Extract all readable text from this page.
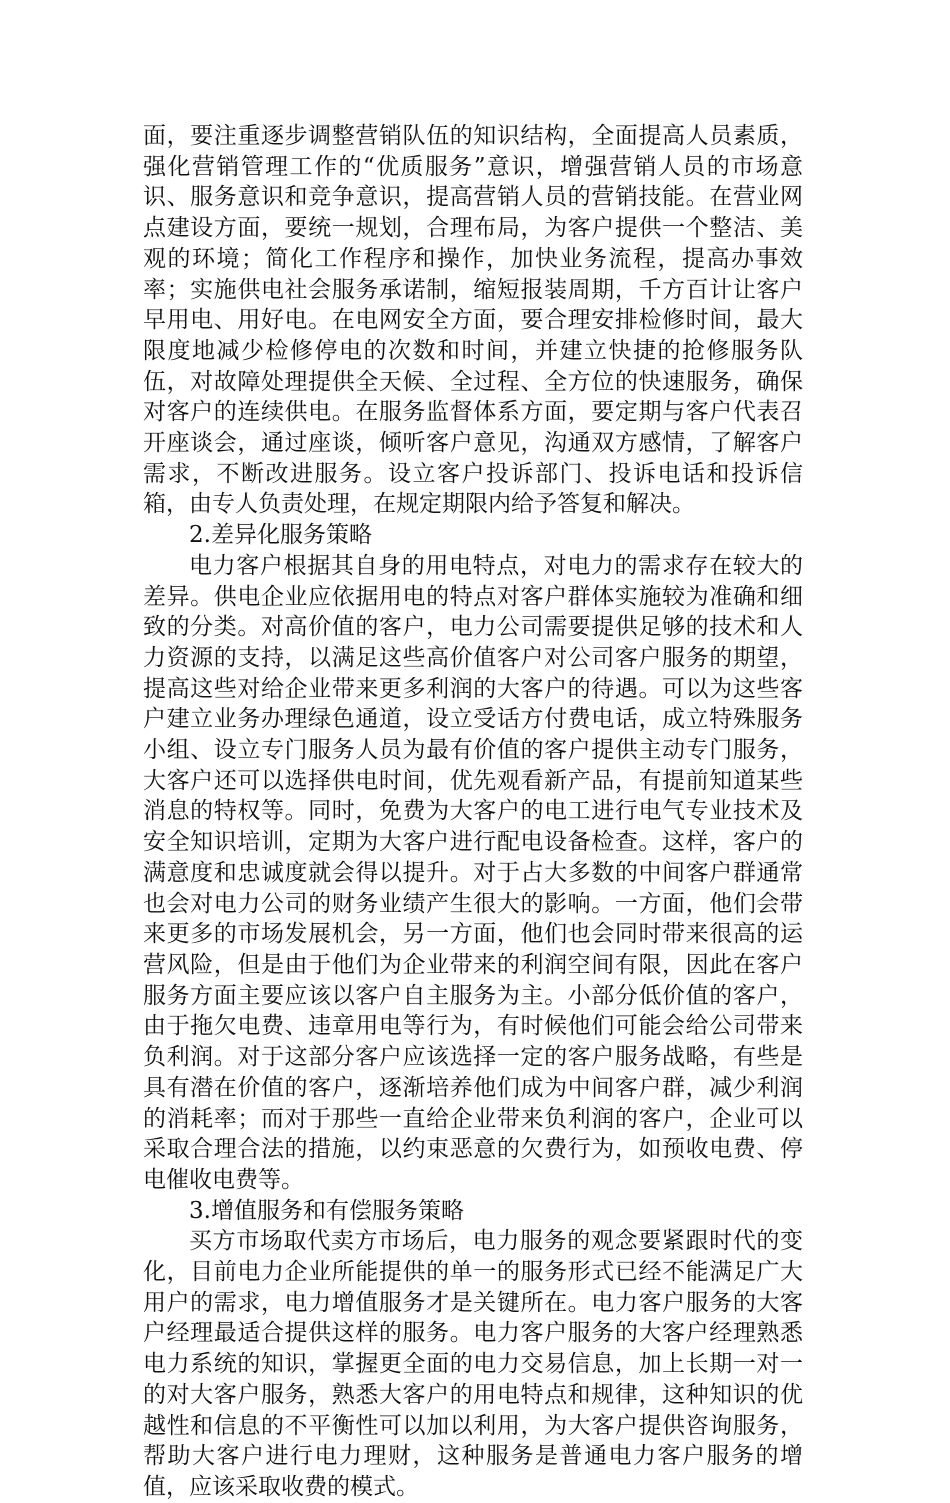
面，要注重逐步调整营销队伍的知识结构，全面提高人员素质，强化营销管理工作的“优质服务”意识，增强营销人员的市场意识、服务意识和竞争意识，提高营销人员的营销技能。在营业网点建设方面，要统一规划，合理布局，为客户提供一个整洁、美观的环境；简化工作程序和操作，加快业务流程，提高办事效率；实施供电社会服务承诺制，缩短报装周期，千方百计让客户早用电、用好电。在电网安全方面，要合理安排检修时间，最大限度地减少检修停电的次数和时间，并建立快捷的抢修服务队伍，对故障处理提供全天候、全过程、全方位的快速服务，确保对客户的连续供电。在服务监督体系方面，要定期与客户代表召开座谈会，通过座谈，倾听客户意见，沟通双方感情，了解客户需求，不断改进服务。设立客户投诉部门、投诉电话和投诉信箱，由专人负责处理，在规定期限内给予答复和解决。

2.差异化服务策略

电力客户根据其自身的用电特点，对电力的需求存在较大的差异。供电企业应依据用电的特点对客户群体实施较为准确和细致的分类。对高价值的客户，电力公司需要提供足够的技术和人力资源的支持，以满足这些高价值客户对公司客户服务的期望，提高这些对给企业带来更多利润的大客户的待遇。可以为这些客户建立业务办理绿色通道，设立受话方付费电话，成立特殊服务小组、设立专门服务人员为最有价值的客户提供主动专门服务，大客户还可以选择供电时间，优先观看新产品，有提前知道某些消息的特权等。同时，免费为大客户的电工进行电气专业技术及安全知识培训，定期为大客户进行配电设备检查。这样，客户的满意度和忠诚度就会得以提升。对于占大多数的中间客户群通常也会对电力公司的财务业绩产生很大的影响。一方面，他们会带来更多的市场发展机会，另一方面，他们也会同时带来很高的运营风险，但是由于他们为企业带来的利润空间有限，因此在客户服务方面主要应该以客户自主服务为主。小部分低价值的客户，由于拖欠电费、违章用电等行为，有时候他们可能会给公司带来负利润。对于这部分客户应该选择一定的客户服务战略，有些是具有潜在价值的客户，逐渐培养他们成为中间客户群，减少利润的消耗率；而对于那些一直给企业带来负利润的客户，企业可以采取合理合法的措施，以约束恶意的欠费行为，如预收电费、停电催收电费等。

3.增值服务和有偿服务策略

买方市场取代卖方市场后，电力服务的观念要紧跟时代的变化，目前电力企业所能提供的单一的服务形式已经不能满足广大用户的需求，电力增值服务才是关键所在。电力客户服务的大客户经理最适合提供这样的服务。电力客户服务的大客户经理熟悉电力系统的知识，掌握更全面的电力交易信息，加上长期一对一的对大客户服务，熟悉大客户的用电特点和规律，这种知识的优越性和信息的不平衡性可以加以利用，为大客户提供咨询服务，帮助大客户进行电力理财，这种服务是普通电力客户服务的增值，应该采取收费的模式。
